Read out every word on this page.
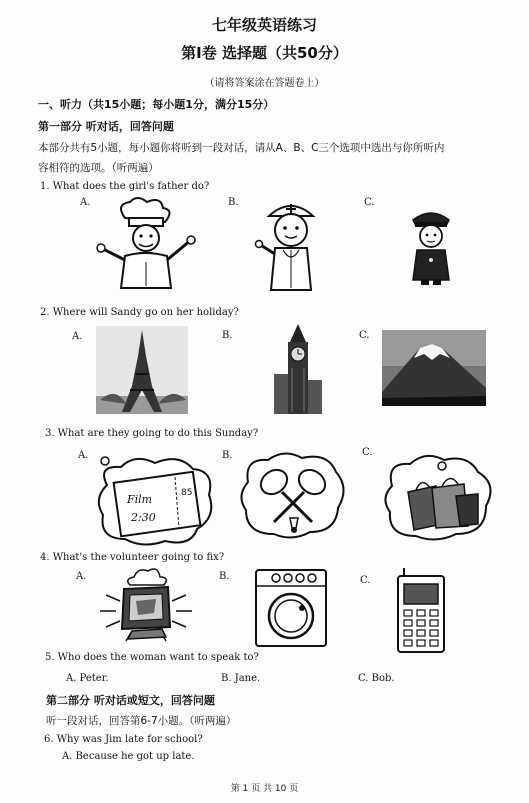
七年级英语练习
第Ⅰ卷 选择题（共50分）
（请将答案涂在答题卷上）
一、听力（共15小题；每小题1分，满分15分）
第一部分 听对话，回答问题
本部分共有5小题，每小题你将听到一段对话，请从A、B、C三个选项中选出与你所听内
容相符的选项。（听两遍）
1. What does the girl's father do?
A.	B.	C.
2. Where will Sandy go on her holiday?
A.	B.	C.
3. What are they going to do this Sunday?
A.	B.	C.
Film
2:30
85
4. What's the volunteer going to fix?
A.	B.	C.
5. Who does the woman want to speak to?
A. Peter.	B. Jane.	C. Bob.
第二部分 听对话或短文，回答问题
听一段对话，回答第6-7小题。（听两遍）
6. Why was Jim late for school?
A. Because he got up late.
第 1 页 共 10 页
